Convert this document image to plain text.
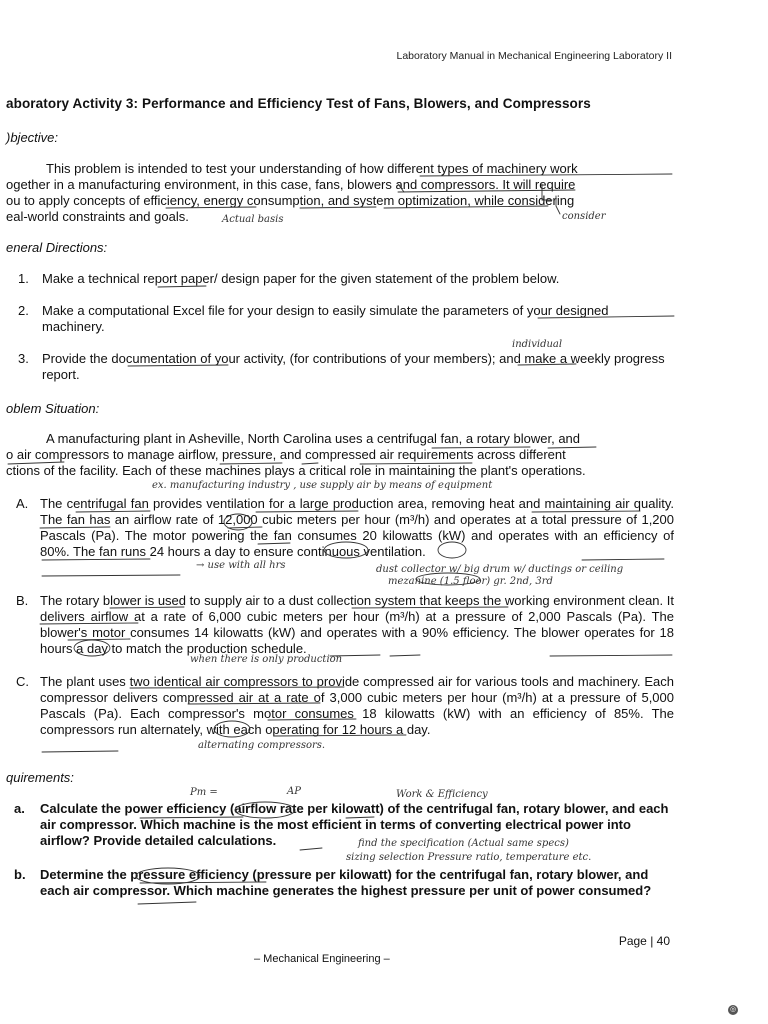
Laboratory Manual in Mechanical Engineering Laboratory II
aboratory Activity 3: Performance and Efficiency Test of Fans, Blowers, and Compressors
)bjective:
This problem is intended to test your understanding of how different types of machinery work
ogether in a manufacturing environment, in this case, fans, blowers and compressors. It will require
ou to apply concepts of efficiency, energy consumption, and system optimization, while considering
eal-world constraints and goals.	Actual basis	consider
eneral Directions:
1. Make a technical report paper/ design paper for the given statement of the problem below.
2. Make a computational Excel file for your design to easily simulate the parameters of your designed machinery.
individual
3. Provide the documentation of your activity, (for contributions of your members); and make a weekly progress report.
oblem Situation:
A manufacturing plant in Asheville, North Carolina uses a centrifugal fan, a rotary blower, and
o air compressors to manage airflow, pressure, and compressed air requirements across different
ctions of the facility. Each of these machines plays a critical role in maintaining the plant's operations.
ex. manufacturing industry , use supply air by means of equipment
A. The centrifugal fan provides ventilation for a large production area, removing heat and maintaining air quality. The fan has an airflow rate of 12,000 cubic meters per hour (m³/h) and operates at a total pressure of 1,200 Pascals (Pa). The motor powering the fan consumes 20 kilowatts (kW) and operates with an efficiency of 80%. The fan runs 24 hours a day to ensure continuous ventilation.
→ use with all hrs	dust collector w/ big drum w/ ductings or ceiling
mezanine (1.5 floor) gr. 2nd, 3rd
B. The rotary blower is used to supply air to a dust collection system that keeps the working environment clean. It delivers airflow at a rate of 6,000 cubic meters per hour (m³/h) at a pressure of 2,000 Pascals (Pa). The blower's motor consumes 14 kilowatts (kW) and operates with a 90% efficiency. The blower operates for 18 hours a day to match the production schedule.
when there is only production
C. The plant uses two identical air compressors to provide compressed air for various tools and machinery. Each compressor delivers compressed air at a rate of 3,000 cubic meters per hour (m³/h) at a pressure of 5,000 Pascals (Pa). Each compressor's motor consumes 18 kilowatts (kW) with an efficiency of 85%. The compressors run alternately, with each operating for 12 hours a day.
alternating compressors.
quirements:
Pm =	AP	Work & Efficiency
a. Calculate the power efficiency (airflow rate per kilowatt) of the centrifugal fan, rotary blower, and each air compressor. Which machine is the most efficient in terms of converting electrical power into airflow? Provide detailed calculations.	find the specification (Actual same specs)
sizing selection Pressure ratio, temperature etc.
b. Determine the pressure efficiency (pressure per kilowatt) for the centrifugal fan, rotary blower, and each air compressor. Which machine generates the highest pressure per unit of power consumed?
Page | 40
– Mechanical Engineering –
◎
